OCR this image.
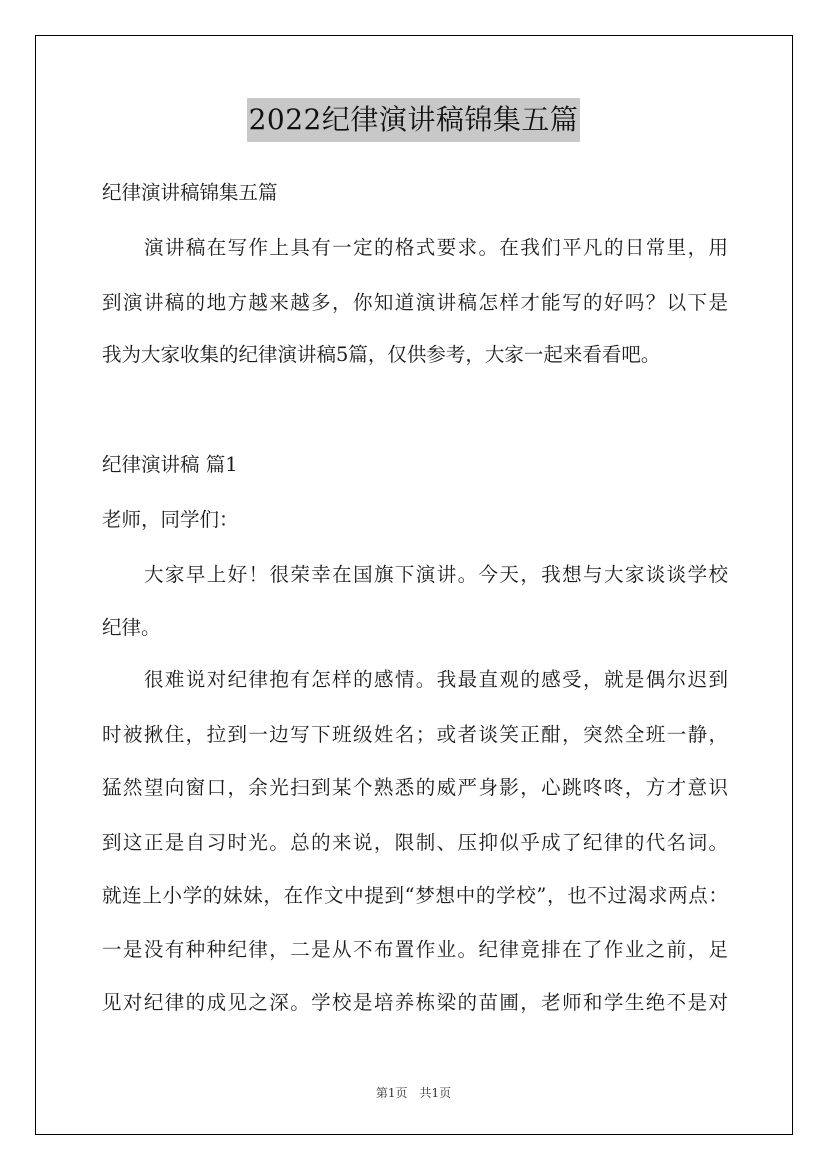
2022纪律演讲稿锦集五篇
纪律演讲稿锦集五篇
演讲稿在写作上具有一定的格式要求。在我们平凡的日常里，用
到演讲稿的地方越来越多，你知道演讲稿怎样才能写的好吗？以下是
我为大家收集的纪律演讲稿5篇，仅供参考，大家一起来看看吧。
纪律演讲稿 篇1
老师，同学们：
大家早上好！很荣幸在国旗下演讲。今天，我想与大家谈谈学校
纪律。
很难说对纪律抱有怎样的感情。我最直观的感受，就是偶尔迟到
时被揪住，拉到一边写下班级姓名；或者谈笑正酣，突然全班一静，
猛然望向窗口，余光扫到某个熟悉的威严身影，心跳咚咚，方才意识
到这正是自习时光。总的来说，限制、压抑似乎成了纪律的代名词。
就连上小学的妹妹，在作文中提到“梦想中的学校”，也不过渴求两点：
一是没有种种纪律，二是从不布置作业。纪律竟排在了作业之前，足
见对纪律的成见之深。学校是培养栋梁的苗圃，老师和学生绝不是对
第1页　共1页
